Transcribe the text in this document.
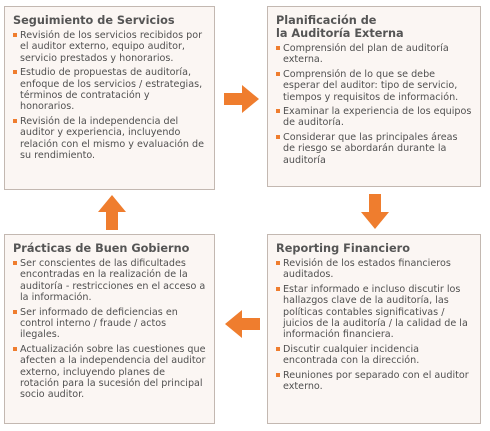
Seguimiento de Servicios
Revisión de los servicios recibidos por el auditor externo, equipo auditor, servicio prestados y honorarios.
Estudio de propuestas de auditoría, enfoque de los servicios / estrategias, términos de contratación y honorarios.
Revisión de la independencia del auditor y experiencia, incluyendo relación con el mismo y evaluación de su rendimiento.
Planificación de
la Auditoría Externa
Comprensión del plan de auditoría externa.
Comprensión de lo que se debe esperar del auditor: tipo de servicio, tiempos y requisitos de información.
Examinar la experiencia de los equipos de auditoría.
Considerar que las principales áreas de riesgo se abordarán durante la auditoría
Reporting Financiero
Revisión de los estados financieros auditados.
Estar informado e incluso discutir los hallazgos clave de la auditoría, las políticas contables significativas / juicios de la auditoría / la calidad de la información financiera.
Discutir cualquier incidencia encontrada con la dirección.
Reuniones por separado con el auditor externo.
Prácticas de Buen Gobierno
Ser conscientes de las dificultades encontradas en la realización de la auditoría - restricciones en el acceso a la información.
Ser informado de deficiencias en control interno / fraude / actos ilegales.
Actualización sobre las cuestiones que afecten a la independencia del auditor externo, incluyendo planes de rotación para la sucesión del principal socio auditor.
